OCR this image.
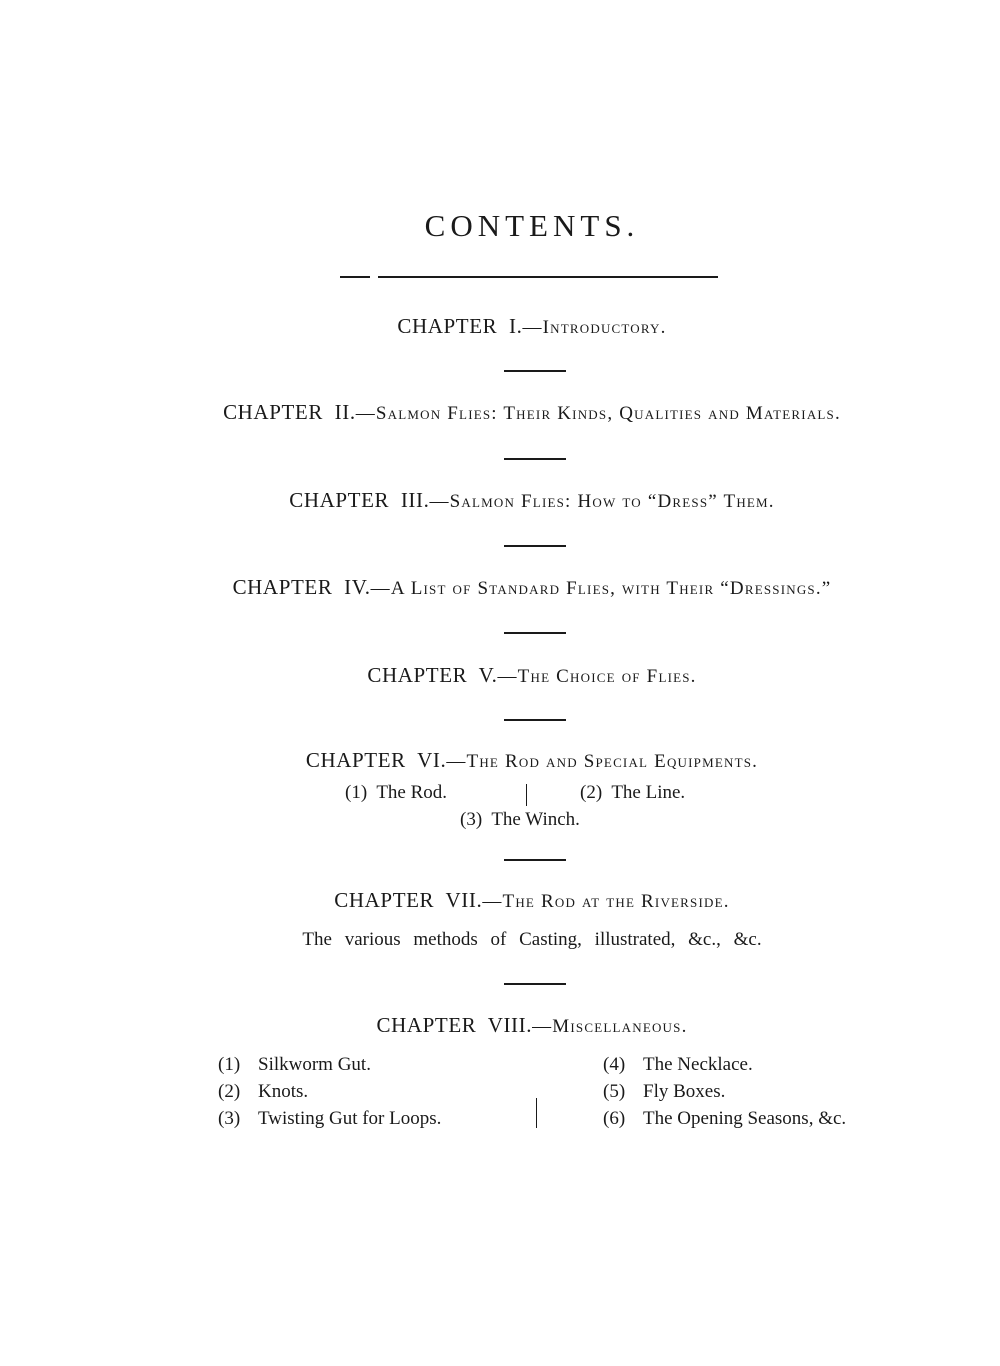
CONTENTS.

CHAPTER I.—Introductory.

CHAPTER II.—Salmon Flies: Their Kinds, Qualities and Materials.

CHAPTER III.—Salmon Flies: How to “Dress” Them.

CHAPTER IV.—A List of Standard Flies, with Their “Dressings.”

CHAPTER V.—The Choice of Flies.

CHAPTER VI.—The Rod and Special Equipments.

(1) The Rod.	(2) The Line.
(3) The Winch.

CHAPTER VII.—The Rod at the Riverside.

The various methods of Casting, illustrated, &c., &c.

CHAPTER VIII.—Miscellaneous.

(1) Silkworm Gut.
(2) Knots.
(3) Twisting Gut for Loops.
(4) The Necklace.
(5) Fly Boxes.
(6) The Opening Seasons, &c.
